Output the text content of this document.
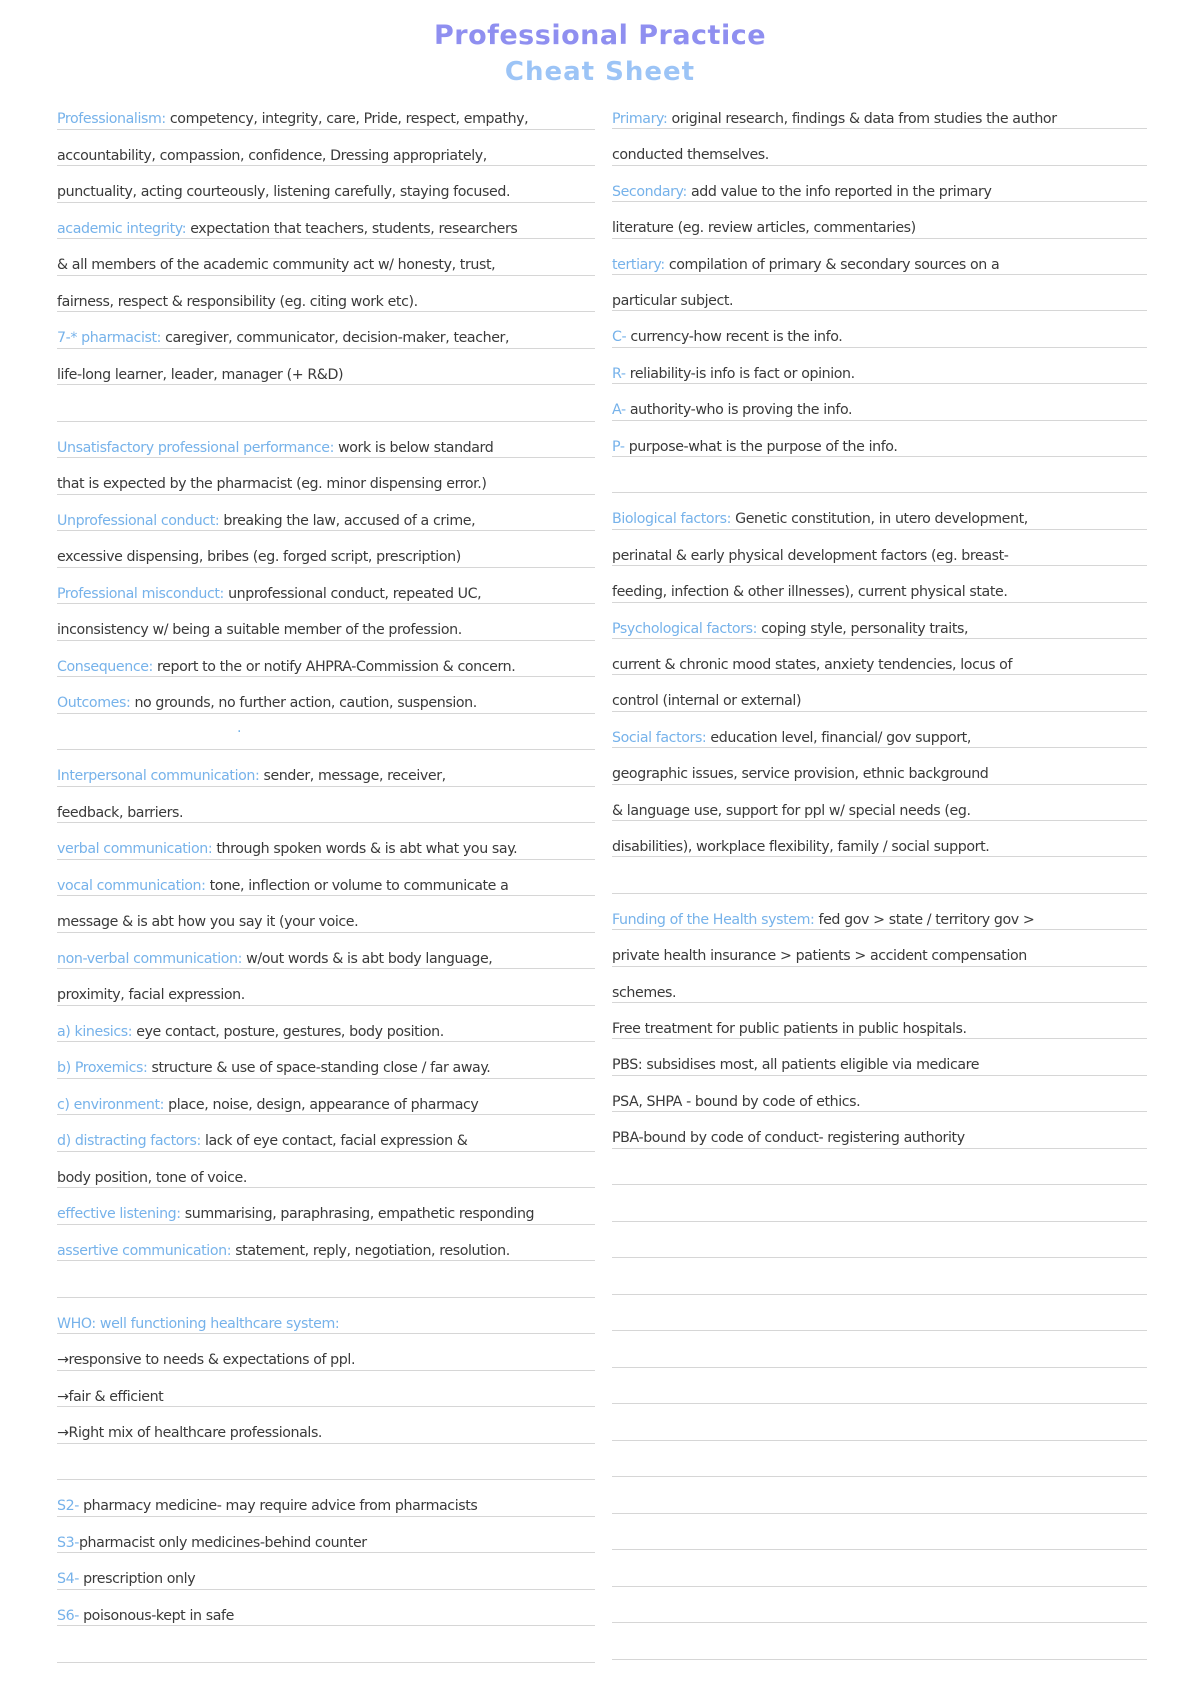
Professional Practice
Cheat Sheet
Professionalism: competency, integrity, care, Pride, respect, empathy,
accountability, compassion, confidence, Dressing appropriately,
punctuality, acting courteously, listening carefully, staying focused.
academic integrity: expectation that teachers, students, researchers
& all members of the academic community act w/ honesty, trust,
fairness, respect & responsibility (eg. citing work etc).
7-* pharmacist: caregiver, communicator, decision-maker, teacher,
life-long learner, leader, manager (+ R&D)
Unsatisfactory professional performance: work is below standard
that is expected by the pharmacist (eg. minor dispensing error.)
Unprofessional conduct: breaking the law, accused of a crime,
excessive dispensing, bribes (eg. forged script, prescription)
Professional misconduct: unprofessional conduct, repeated UC,
inconsistency w/ being a suitable member of the profession.
Consequence: report to the or notify AHPRA-Commission & concern.
Outcomes: no grounds, no further action, caution, suspension.
.
Interpersonal communication: sender, message, receiver,
feedback, barriers.
verbal communication: through spoken words & is abt what you say.
vocal communication: tone, inflection or volume to communicate a
message & is abt how you say it (your voice.
non-verbal communication: w/out words & is abt body language,
proximity, facial expression.
a) kinesics: eye contact, posture, gestures, body position.
b) Proxemics: structure & use of space-standing close / far away.
c) environment: place, noise, design, appearance of pharmacy
d) distracting factors: lack of eye contact, facial expression &
body position, tone of voice.
effective listening: summarising, paraphrasing, empathetic responding
assertive communication: statement, reply, negotiation, resolution.
WHO: well functioning healthcare system:
→responsive to needs & expectations of ppl.
→fair & efficient
→Right mix of healthcare professionals.
S2- pharmacy medicine- may require advice from pharmacists
S3-pharmacist only medicines-behind counter
S4- prescription only
S6- poisonous-kept in safe
Primary: original research, findings & data from studies the author
conducted themselves.
Secondary: add value to the info reported in the primary
literature (eg. review articles, commentaries)
tertiary: compilation of primary & secondary sources on a
particular subject.
C- currency-how recent is the info.
R- reliability-is info is fact or opinion.
A- authority-who is proving the info.
P- purpose-what is the purpose of the info.
Biological factors: Genetic constitution, in utero development,
perinatal & early physical development factors (eg. breast-
feeding, infection & other illnesses), current physical state.
Psychological factors: coping style, personality traits,
current & chronic mood states, anxiety tendencies, locus of
control (internal or external)
Social factors: education level, financial/ gov support,
geographic issues, service provision, ethnic background
& language use, support for ppl w/ special needs (eg.
disabilities), workplace flexibility, family / social support.
Funding of the Health system: fed gov > state / territory gov >
private health insurance > patients > accident compensation
schemes.
Free treatment for public patients in public hospitals.
PBS: subsidises most, all patients eligible via medicare
PSA, SHPA - bound by code of ethics.
PBA-bound by code of conduct- registering authority
